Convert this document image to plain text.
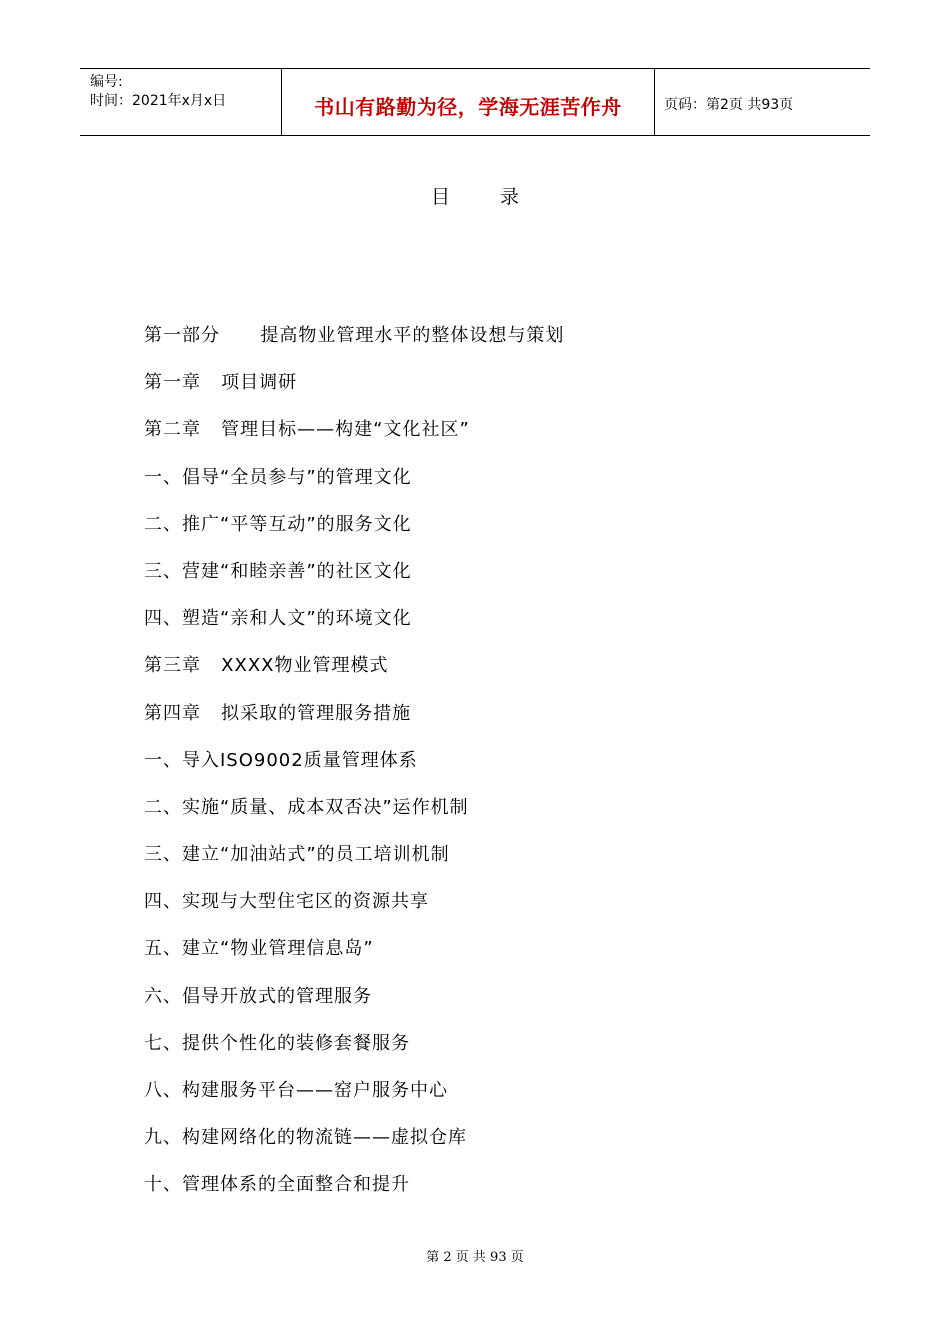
编号:
时间：2021年x月x日	书山有路勤为径，学海无涯苦作舟	页码：第2页 共93页
目	录
第一部分      提高物业管理水平的整体设想与策划
第一章   项目调研
第二章   管理目标——构建“文化社区”
一、倡导“全员参与”的管理文化
二、推广“平等互动”的服务文化
三、营建“和睦亲善”的社区文化
四、塑造“亲和人文”的环境文化
第三章   XXXX物业管理模式
第四章   拟采取的管理服务措施
一、导入ISO9002质量管理体系
二、实施“质量、成本双否决”运作机制
三、建立“加油站式”的员工培训机制
四、实现与大型住宅区的资源共享
五、建立“物业管理信息岛”
六、倡导开放式的管理服务
七、提供个性化的装修套餐服务
八、构建服务平台——窑户服务中心
九、构建网络化的物流链——虚拟仓库
十、管理体系的全面整合和提升
第 2 页 共 93 页
